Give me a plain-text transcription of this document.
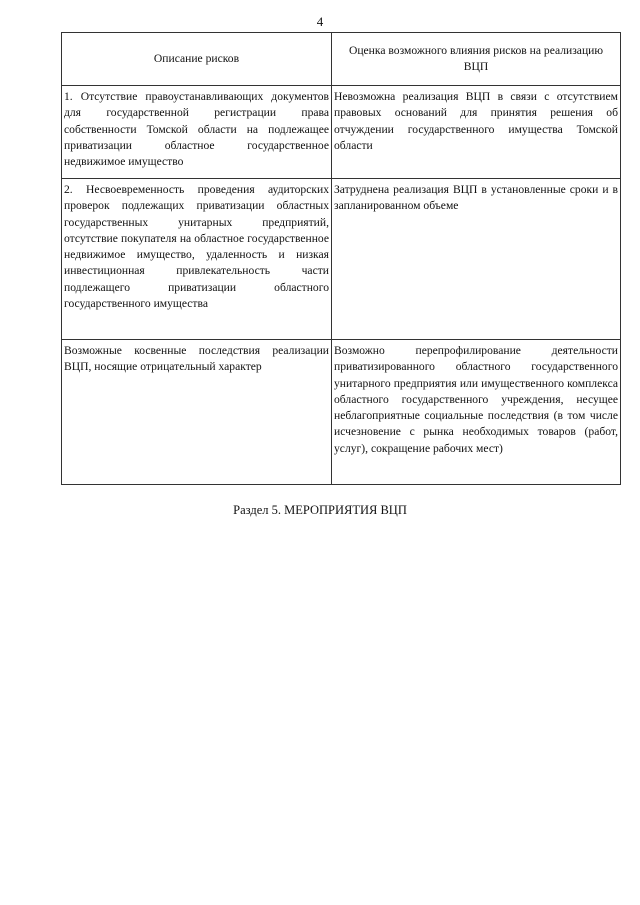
4
Описание рисков	Оценка возможного влияния рисков на реализацию ВЦП
1. Отсутствие правоустанавливающих документов для государственной регистрации права собственности Томской области на подлежащее приватизации областное государственное недвижимое имущество	Невозможна реализация ВЦП в связи с отсутствием правовых оснований для принятия решения об отчуждении государственного имущества Томской области
2. Несвоевременность проведения аудиторских проверок подлежащих приватизации областных государственных унитарных предприятий, отсутствие покупателя на областное государственное недвижимое имущество, удаленность и низкая инвестиционная привлекательность части подлежащего приватизации областного государственного имущества	Затруднена реализация ВЦП в установленные сроки и в запланированном объеме
Возможные косвенные последствия реализации ВЦП, носящие отрицательный характер	Возможно перепрофилирование деятельности приватизированного областного государственного унитарного предприятия или имущественного комплекса областного государственного учреждения, несущее неблагоприятные социальные последствия (в том числе исчезновение с рынка необходимых товаров (работ, услуг), сокращение рабочих мест)
Раздел 5. МЕРОПРИЯТИЯ ВЦП
